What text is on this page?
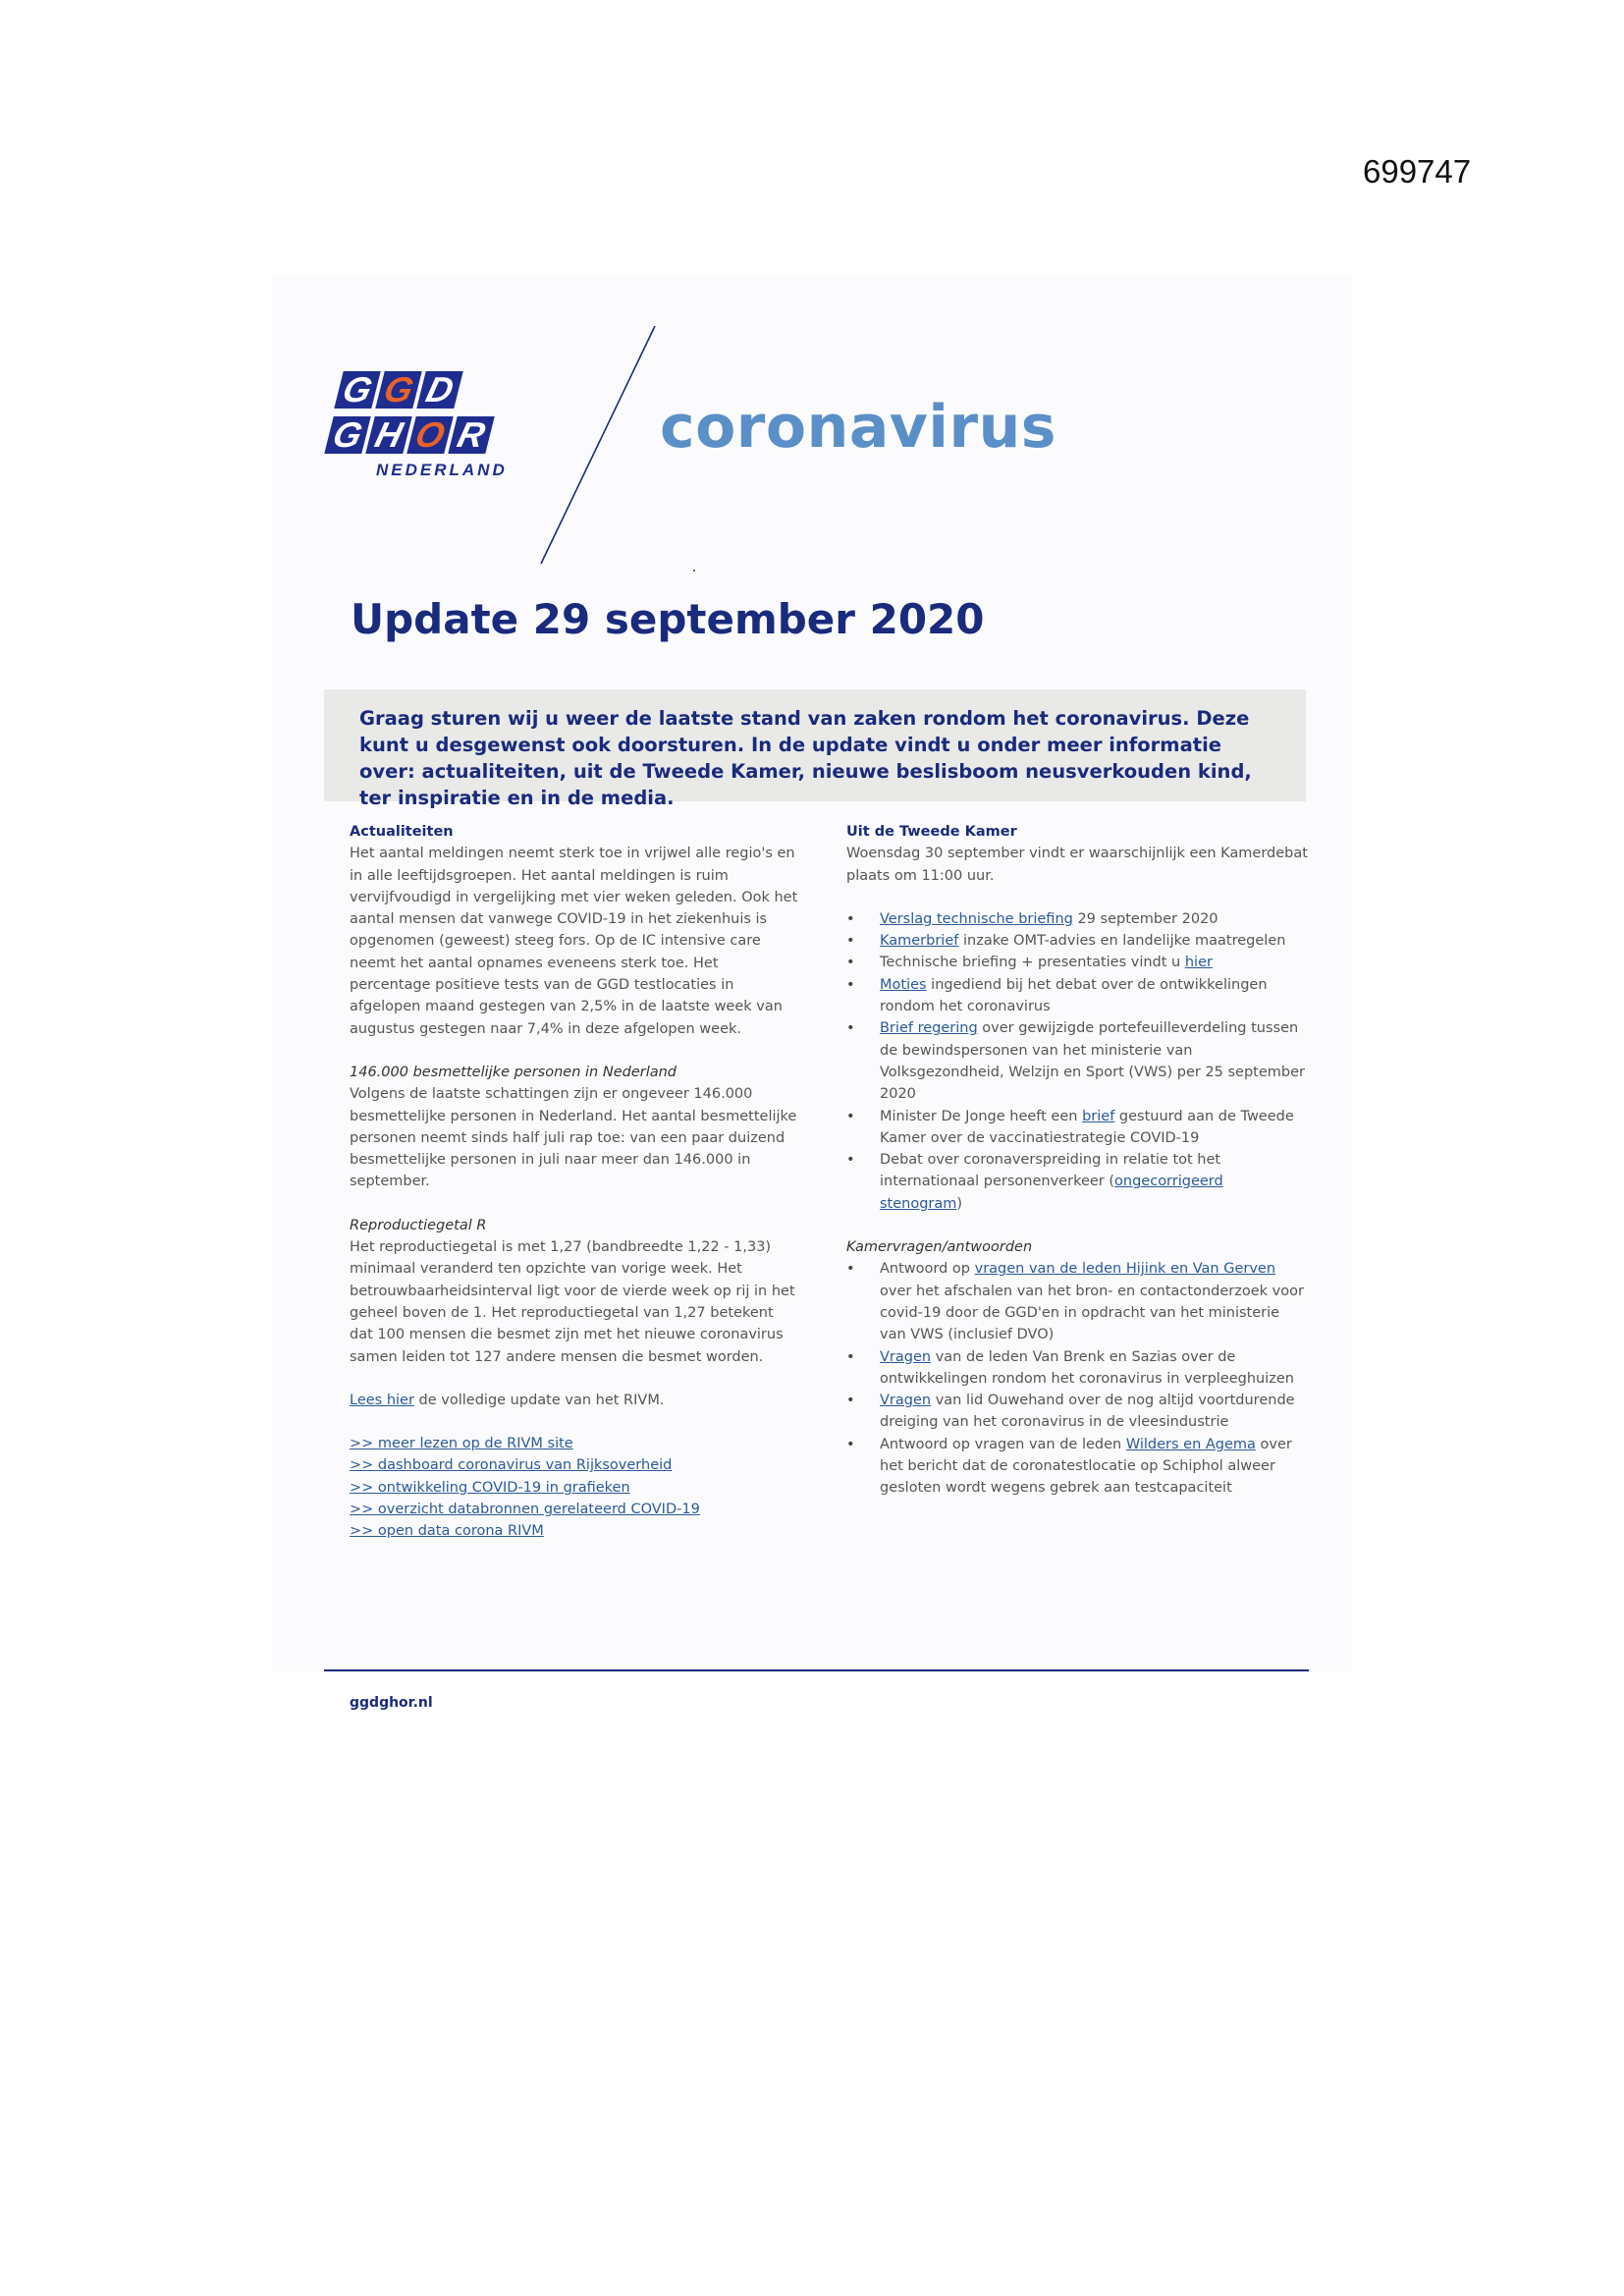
699747
G G D
G H O R
NEDERLAND
coronavirus
Update 29 september 2020
Graag sturen wij u weer de laatste stand van zaken rondom het coronavirus. Deze kunt u desgewenst ook doorsturen. In de update vindt u onder meer informatie over: actualiteiten, uit de Tweede Kamer, nieuwe beslisboom neusverkouden kind, ter inspiratie en in de media.

Actualiteiten

Het aantal meldingen neemt sterk toe in vrijwel alle regio's en in alle leeftijdsgroepen. Het aantal meldingen is ruim vervijfvoudigd in vergelijking met vier weken geleden. Ook het aantal mensen dat vanwege COVID-19 in het ziekenhuis is opgenomen (geweest) steeg fors. Op de IC intensive care neemt het aantal opnames eveneens sterk toe. Het percentage positieve tests van de GGD testlocaties in afgelopen maand gestegen van 2,5% in de laatste week van augustus gestegen naar 7,4% in deze afgelopen week.

146.000 besmettelijke personen in Nederland

Volgens de laatste schattingen zijn er ongeveer 146.000 besmettelijke personen in Nederland. Het aantal besmettelijke personen neemt sinds half juli rap toe: van een paar duizend besmettelijke personen in juli naar meer dan 146.000 in september.

Reproductiegetal R

Het reproductiegetal is met 1,27 (bandbreedte 1,22 - 1,33) minimaal veranderd ten opzichte van vorige week. Het betrouwbaarheidsinterval ligt voor de vierde week op rij in het geheel boven de 1. Het reproductiegetal van 1,27 betekent dat 100 mensen die besmet zijn met het nieuwe coronavirus samen leiden tot 127 andere mensen die besmet worden.

Lees hier de volledige update van het RIVM.

>> meer lezen op de RIVM site
>> dashboard coronavirus van Rijksoverheid
>> ontwikkeling COVID-19 in grafieken
>> overzicht databronnen gerelateerd COVID-19
>> open data corona RIVM

Uit de Tweede Kamer

Woensdag 30 september vindt er waarschijnlijk een Kamerdebat plaats om 11:00 uur.

• Verslag technische briefing 29 september 2020
• Kamerbrief inzake OMT-advies en landelijke maatregelen
• Technische briefing + presentaties vindt u hier
• Moties ingediend bij het debat over de ontwikkelingen rondom het coronavirus
• Brief regering over gewijzigde portefeuilleverdeling tussen de bewindspersonen van het ministerie van Volksgezondheid, Welzijn en Sport (VWS) per 25 september 2020
• Minister De Jonge heeft een brief gestuurd aan de Tweede Kamer over de vaccinatiestrategie COVID-19
• Debat over coronaverspreiding in relatie tot het internationaal personenverkeer (ongecorrigeerd stenogram)

Kamervragen/antwoorden

• Antwoord op vragen van de leden Hijink en Van Gerven over het afschalen van het bron- en contactonderzoek voor covid-19 door de GGD'en in opdracht van het ministerie van VWS (inclusief DVO)
• Vragen van de leden Van Brenk en Sazias over de ontwikkelingen rondom het coronavirus in verpleeghuizen
• Vragen van lid Ouwehand over de nog altijd voortdurende dreiging van het coronavirus in de vleesindustrie
• Antwoord op vragen van de leden Wilders en Agema over het bericht dat de coronatestlocatie op Schiphol alweer gesloten wordt wegens gebrek aan testcapaciteit
ggdghor.nl
